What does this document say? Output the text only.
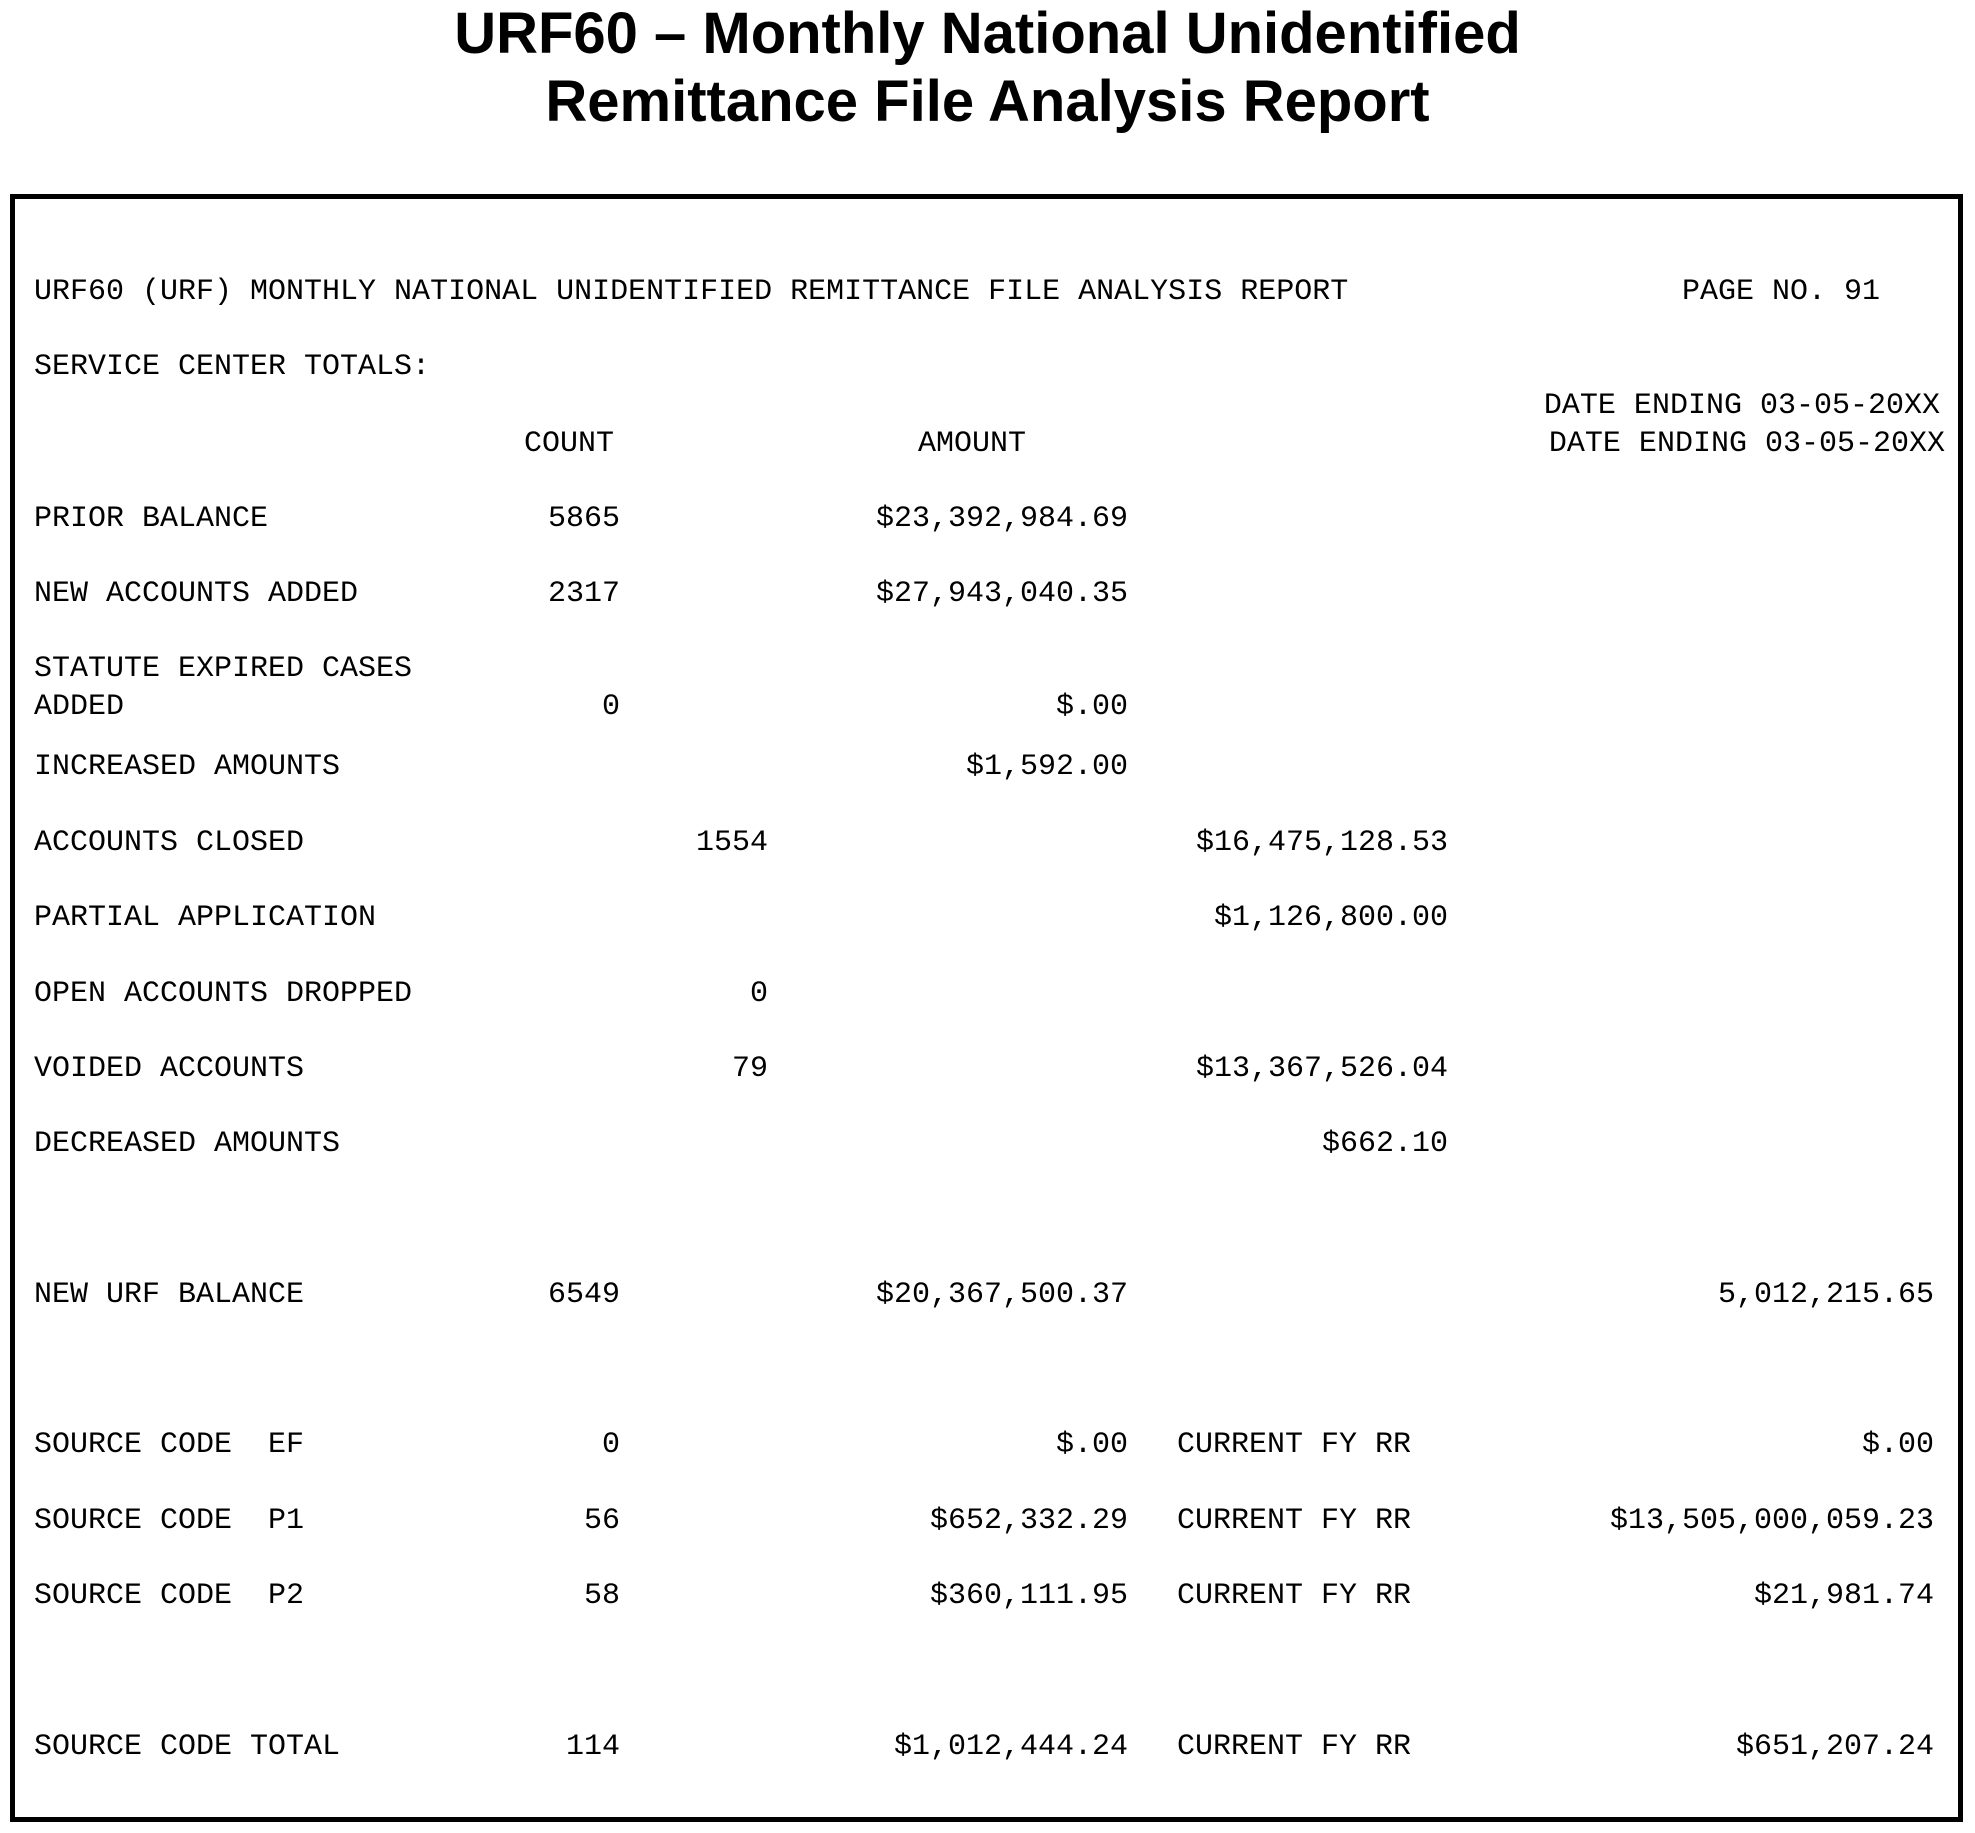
URF60 – Monthly National Unidentified
Remittance File Analysis Report
URF60 (URF) MONTHLY NATIONAL UNIDENTIFIED REMITTANCE FILE ANALYSIS REPORT	PAGE NO. 91
SERVICE CENTER TOTALS:
DATE ENDING 03-05-20XX
DATE ENDING 03-05-20XX
COUNT	AMOUNT
PRIOR BALANCE	5865	$23,392,984.69
NEW ACCOUNTS ADDED	2317	$27,943,040.35
STATUTE EXPIRED CASES
ADDED	0	$.00
INCREASED AMOUNTS	$1,592.00
ACCOUNTS CLOSED	1554	$16,475,128.53
PARTIAL APPLICATION	$1,126,800.00
OPEN ACCOUNTS DROPPED	0
VOIDED ACCOUNTS	79	$13,367,526.04
DECREASED AMOUNTS	$662.10
NEW URF BALANCE	6549	$20,367,500.37	5,012,215.65
SOURCE CODE  EF	0	$.00 CURRENT FY RR	$.00
SOURCE CODE  P1	56	$652,332.29 CURRENT FY RR	$13,505,000,059.23
SOURCE CODE  P2	58	$360,111.95 CURRENT FY RR	$21,981.74
SOURCE CODE TOTAL	114	$1,012,444.24 CURRENT FY RR	$651,207.24
